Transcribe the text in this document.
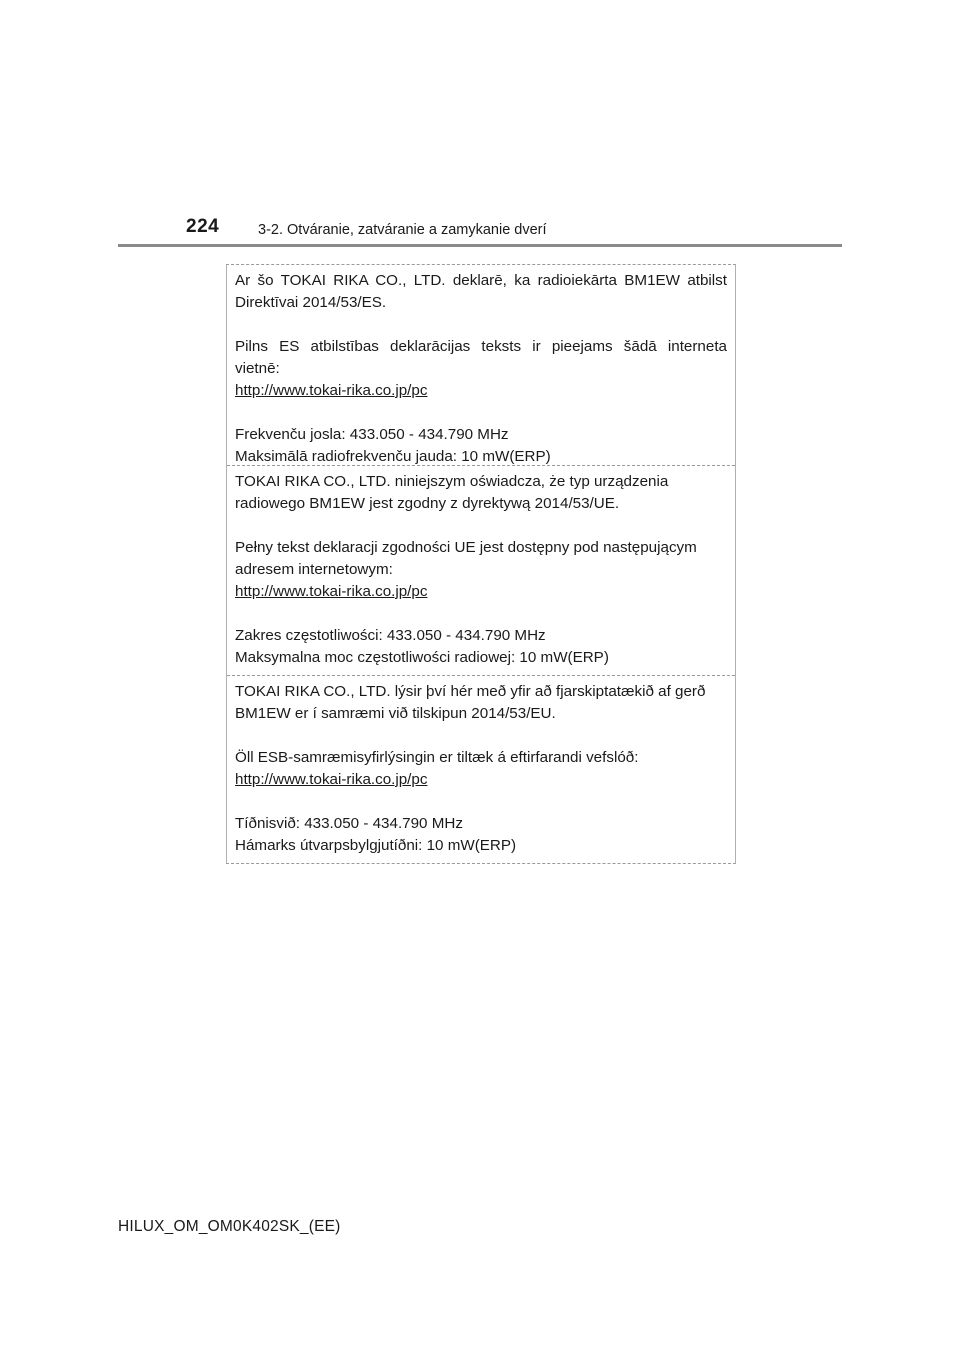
224	3-2. Otváranie, zatváranie a zamykanie dverí

Ar šo TOKAI RIKA CO., LTD. deklarē, ka radioiekārta BM1EW atbilst

Direktīvai 2014/53/ES.

Pilns ES atbilstības deklarācijas teksts ir pieejams šādā interneta

vietnē:

http://www.tokai-rika.co.jp/pc

Frekvenču josla: 433.050 - 434.790 MHz

Maksimālā radiofrekvenču jauda: 10 mW(ERP)

TOKAI RIKA CO., LTD. niniejszym oświadcza, że typ urządzenia

radiowego BM1EW jest zgodny z dyrektywą 2014/53/UE.

Pełny tekst deklaracji zgodności UE jest dostępny pod następującym

adresem internetowym:

http://www.tokai-rika.co.jp/pc

Zakres częstotliwości: 433.050 - 434.790 MHz

Maksymalna moc częstotliwości radiowej: 10 mW(ERP)

TOKAI RIKA CO., LTD. lýsir því hér með yfir að fjarskiptatækið af gerð

BM1EW er í samræmi við tilskipun 2014/53/EU.

Öll ESB-samræmisyfirlýsingin er tiltæk á eftirfarandi vefslóð:

http://www.tokai-rika.co.jp/pc

Tíðnisvið: 433.050 - 434.790 MHz

Hámarks útvarpsbylgjutíðni: 10 mW(ERP)

HILUX_OM_OM0K402SK_(EE)
